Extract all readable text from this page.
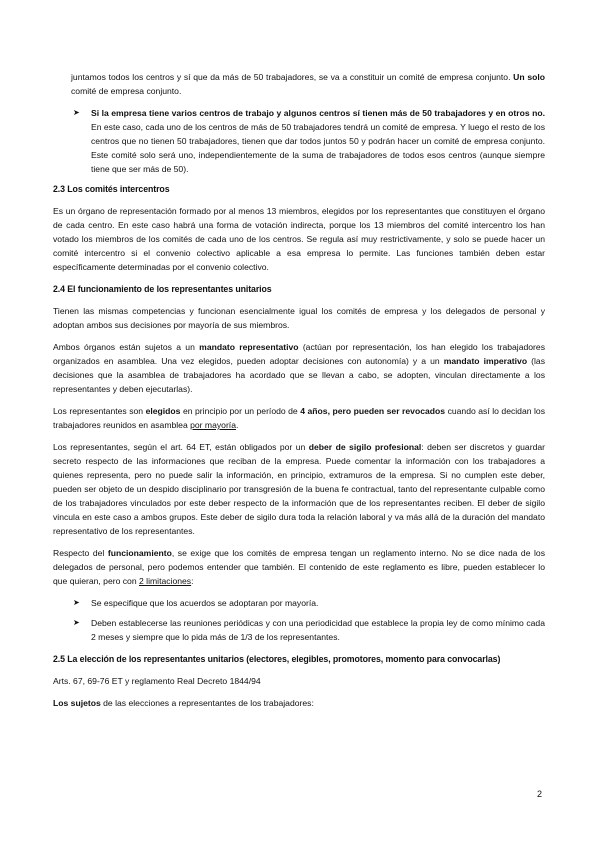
juntamos todos los centros y sí que da más de 50 trabajadores, se va a constituir un comité de empresa conjunto. Un solo comité de empresa conjunto.

➤ Si la empresa tiene varios centros de trabajo y algunos centros sí tienen más de 50 trabajadores y en otros no. En este caso, cada uno de los centros de más de 50 trabajadores tendrá un comité de empresa. Y luego el resto de los centros que no tienen 50 trabajadores, tienen que dar todos juntos 50 y podrán hacer un comité de empresa conjunto. Este comité solo será uno, independientemente de la suma de trabajadores de todos esos centros (aunque siempre tiene que ser más de 50).
2.3 Los comités intercentros

Es un órgano de representación formado por al menos 13 miembros, elegidos por los representantes que constituyen el órgano de cada centro. En este caso habrá una forma de votación indirecta, porque los 13 miembros del comité intercentro los han votado los miembros de los comités de cada uno de los centros. Se regula así muy restrictivamente, y solo se puede hacer un comité intercentro si el convenio colectivo aplicable a esa empresa lo permite. Las funciones también deben estar específicamente determinadas por el convenio colectivo.

2.4 El funcionamiento de los representantes unitarios

Tienen las mismas competencias y funcionan esencialmente igual los comités de empresa y los delegados de personal y adoptan ambos sus decisiones por mayoría de sus miembros.

Ambos órganos están sujetos a un mandato representativo (actúan por representación, los han elegido los trabajadores organizados en asamblea. Una vez elegidos, pueden adoptar decisiones con autonomía) y a un mandato imperativo (las decisiones que la asamblea de trabajadores ha acordado que se llevan a cabo, se adopten, vinculan directamente a los representantes y deben ejecutarlas).

Los representantes son elegidos en principio por un período de 4 años, pero pueden ser revocados cuando así lo decidan los trabajadores reunidos en asamblea por mayoría.

Los representantes, según el art. 64 ET, están obligados por un deber de sigilo profesional: deben ser discretos y guardar secreto respecto de las informaciones que reciban de la empresa. Puede comentar la información con los trabajadores a quienes representa, pero no puede salir la información, en principio, extramuros de la empresa. Si no cumplen este deber, pueden ser objeto de un despido disciplinario por transgresión de la buena fe contractual, tanto del representante culpable como de los trabajadores vinculados por este deber respecto de la información que de los representantes reciben. El deber de sigilo vincula en este caso a ambos grupos. Este deber de sigilo dura toda la relación laboral y va más allá de la duración del mandato representativo de los representantes.

Respecto del funcionamiento, se exige que los comités de empresa tengan un reglamento interno. No se dice nada de los delegados de personal, pero podemos entender que también. El contenido de este reglamento es libre, pueden establecer lo que quieran, pero con 2 limitaciones:

➤ Se especifique que los acuerdos se adoptaran por mayoría.
➤ Deben establecerse las reuniones periódicas y con una periodicidad que establece la propia ley de como mínimo cada 2 meses y siempre que lo pida más de 1/3 de los representantes.
2.5 La elección de los representantes unitarios (electores, elegibles, promotores, momento para convocarlas)

Arts. 67, 69-76 ET y reglamento Real Decreto 1844/94

Los sujetos de las elecciones a representantes de los trabajadores:

2
